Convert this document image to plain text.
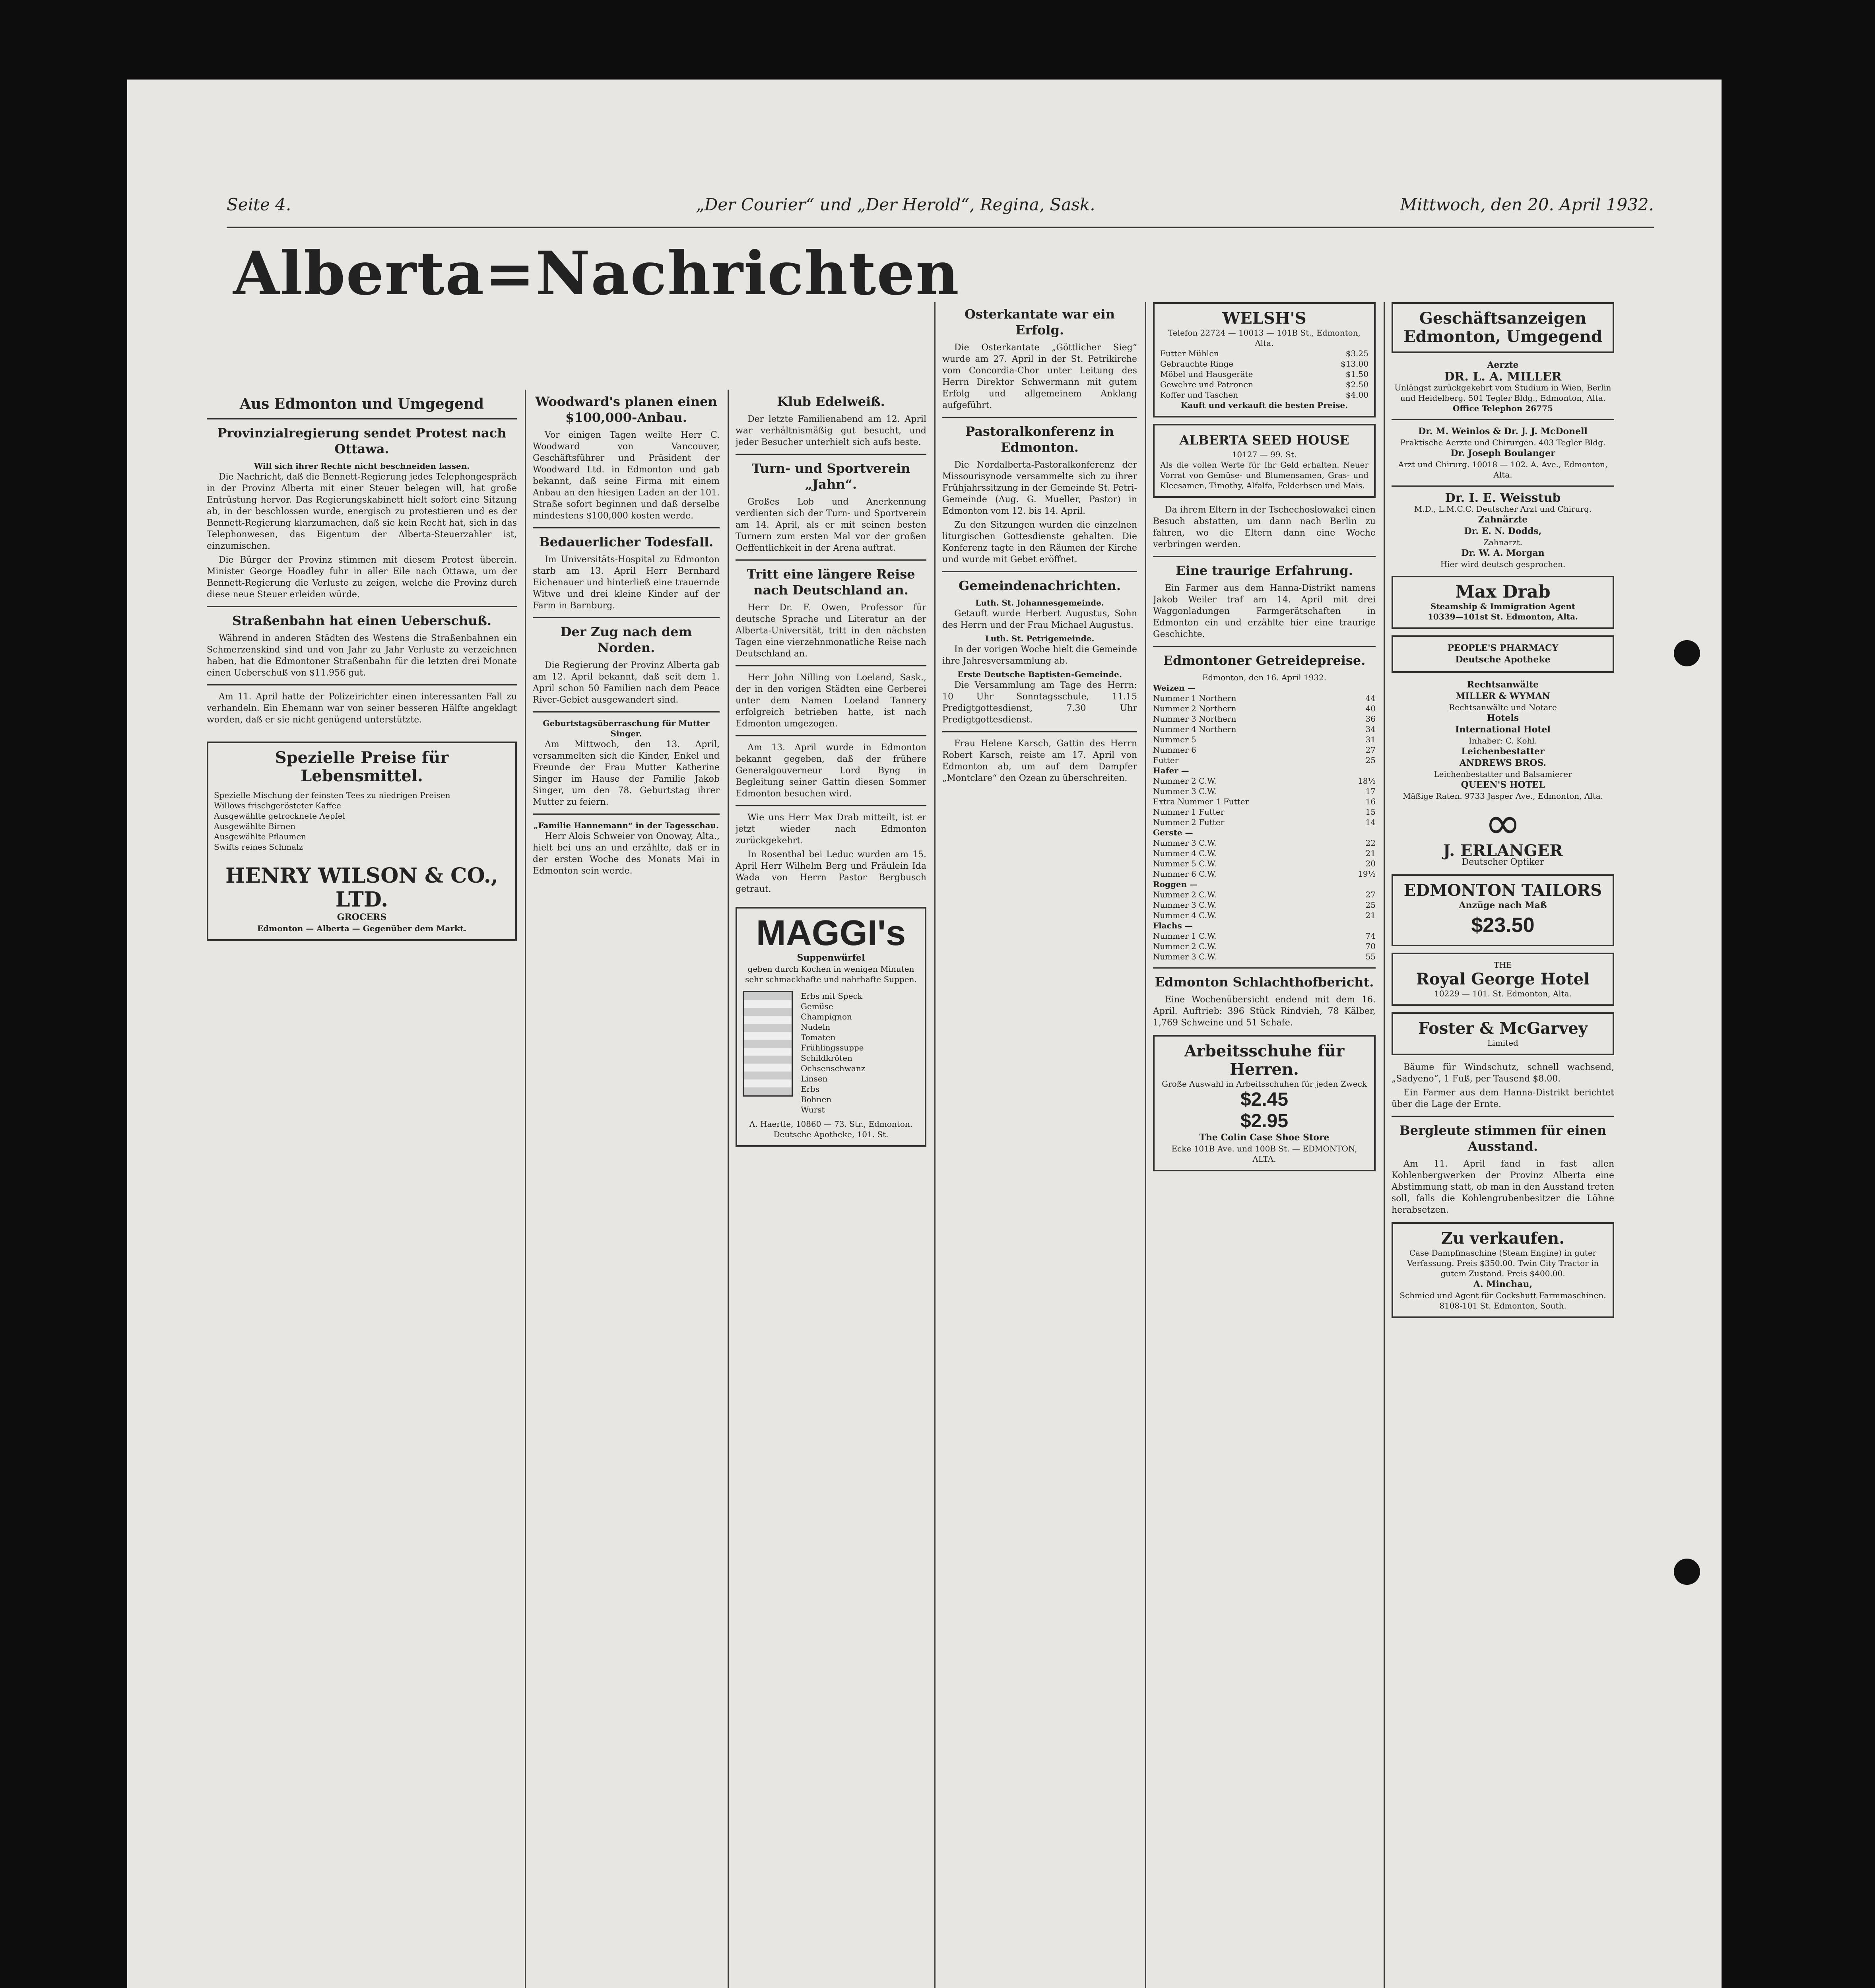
Seite 4.	„Der Courier“ und „Der Herold“, Regina, Sask.	Mittwoch, den 20. April 1932.
Alberta=Nachrichten
Aus Edmonton und Umgegend
Provinzialregierung sendet Protest nach Ottawa.
Will sich ihrer Rechte nicht beschneiden lassen.

Die Nachricht, daß die Bennett-Regierung jedes Telephongespräch in der Provinz Alberta mit einer Steuer belegen will, hat große Entrüstung hervor. Das Regierungskabinett hielt sofort eine Sitzung ab, in der beschlossen wurde, energisch zu protestieren und es der Bennett-Regierung klarzumachen, daß sie kein Recht hat, sich in das Telephonwesen, das Eigentum der Alberta-Steuerzahler ist, einzumischen.

Die Bürger der Provinz stimmen mit diesem Protest überein. Minister George Hoadley fuhr in aller Eile nach Ottawa, um der Bennett-Regierung die Verluste zu zeigen, welche die Provinz durch diese neue Steuer erleiden würde.

Straßenbahn hat einen Ueberschuß.

Während in anderen Städten des Westens die Straßenbahnen ein Schmerzenskind sind und von Jahr zu Jahr Verluste zu verzeichnen haben, hat die Edmontoner Straßenbahn für die letzten drei Monate einen Ueberschuß von $11.956 gut.

Am 11. April hatte der Polizeirichter einen interessanten Fall zu verhandeln. Ein Ehemann war von seiner besseren Hälfte angeklagt worden, daß er sie nicht genügend unterstützte.

Spezielle Preise für Lebensmittel.
Spezielle Mischung der feinsten Tees zu niedrigen Preisen
Willows frischgerösteter Kaffee
Ausgewählte getrocknete Aepfel
Ausgewählte Birnen
Ausgewählte Pflaumen
Swifts reines Schmalz
HENRY WILSON & CO., LTD.
GROCERS
Edmonton — Alberta — Gegenüber dem Markt.
Woodward's planen einen $100,000-Anbau.

Vor einigen Tagen weilte Herr C. Woodward von Vancouver, Geschäftsführer und Präsident der Woodward Ltd. in Edmonton und gab bekannt, daß seine Firma mit einem Anbau an den hiesigen Laden an der 101. Straße sofort beginnen und daß derselbe mindestens $100,000 kosten werde.

Bedauerlicher Todesfall.

Im Universitäts-Hospital zu Edmonton starb am 13. April Herr Bernhard Eichenauer und hinterließ eine trauernde Witwe und drei kleine Kinder auf der Farm in Barnburg.

Der Zug nach dem Norden.

Die Regierung der Provinz Alberta gab am 12. April bekannt, daß seit dem 1. April schon 50 Familien nach dem Peace River-Gebiet ausgewandert sind.

Geburtstagsüberraschung für Mutter Singer.

Am Mittwoch, den 13. April, versammelten sich die Kinder, Enkel und Freunde der Frau Mutter Katherine Singer im Hause der Familie Jakob Singer, um den 78. Geburtstag ihrer Mutter zu feiern.

„Familie Hannemann“ in der Tagesschau.

Herr Alois Schweier von Onoway, Alta., hielt bei uns an und erzählte, daß er in der ersten Woche des Monats Mai in Edmonton sein werde.

Klub Edelweiß.

Der letzte Familienabend am 12. April war verhältnismäßig gut besucht, und jeder Besucher unterhielt sich aufs beste.

Turn- und Sportverein „Jahn“.

Großes Lob und Anerkennung verdienten sich der Turn- und Sportverein am 14. April, als er mit seinen besten Turnern zum ersten Mal vor der großen Oeffentlichkeit in der Arena auftrat.

Tritt eine längere Reise nach Deutschland an.

Herr Dr. F. Owen, Professor für deutsche Sprache und Literatur an der Alberta-Universität, tritt in den nächsten Tagen eine vierzehnmonatliche Reise nach Deutschland an.

Herr John Nilling von Loeland, Sask., der in den vorigen Städten eine Gerberei unter dem Namen Loeland Tannery erfolgreich betrieben hatte, ist nach Edmonton umgezogen.

Am 13. April wurde in Edmonton bekannt gegeben, daß der frühere Generalgouverneur Lord Byng in Begleitung seiner Gattin diesen Sommer Edmonton besuchen wird.

Wie uns Herr Max Drab mitteilt, ist er jetzt wieder nach Edmonton zurückgekehrt.

In Rosenthal bei Leduc wurden am 15. April Herr Wilhelm Berg und Fräulein Ida Wada von Herrn Pastor Bergbusch getraut.

MAGGI's
Suppenwürfel
geben durch Kochen in wenigen Minuten sehr schmackhafte und nahrhafte Suppen.
Erbs mit Speck
Gemüse
Champignon
Nudeln
Tomaten
Frühlingssuppe
Schildkröten
Ochsenschwanz
Linsen
Erbs
Bohnen
Wurst
A. Haertle, 10860 — 73. Str., Edmonton. Deutsche Apotheke, 101. St.
Osterkantate war ein Erfolg.

Die Osterkantate „Göttlicher Sieg“ wurde am 27. April in der St. Petrikirche vom Concordia-Chor unter Leitung des Herrn Direktor Schwermann mit gutem Erfolg und allgemeinem Anklang aufgeführt.

Pastoralkonferenz in Edmonton.

Die Nordalberta-Pastoralkonferenz der Missourisynode versammelte sich zu ihrer Frühjahrssitzung in der Gemeinde St. Petri-Gemeinde (Aug. G. Mueller, Pastor) in Edmonton vom 12. bis 14. April.

Zu den Sitzungen wurden die einzelnen liturgischen Gottesdienste gehalten. Die Konferenz tagte in den Räumen der Kirche und wurde mit Gebet eröffnet.

Gemeindenachrichten.
Luth. St. Johannesgemeinde.

Getauft wurde Herbert Augustus, Sohn des Herrn und der Frau Michael Augustus.

Luth. St. Petrigemeinde.

In der vorigen Woche hielt die Gemeinde ihre Jahresversammlung ab.

Erste Deutsche Baptisten-Gemeinde.

Die Versammlung am Tage des Herrn: 10 Uhr Sonntagsschule, 11.15 Predigtgottesdienst, 7.30 Uhr Predigtgottesdienst.

Frau Helene Karsch, Gattin des Herrn Robert Karsch, reiste am 17. April von Edmonton ab, um auf dem Dampfer „Montclare“ den Ozean zu überschreiten.

WELSH'S
Telefon 22724 — 10013 — 101B St., Edmonton, Alta.
Futter Mühlen	$3.25
Gebrauchte Ringe	$13.00
Möbel und Hausgeräte	$1.50
Gewehre und Patronen	$2.50
Koffer und Taschen	$4.00
Kauft und verkauft die besten Preise.
ALBERTA SEED HOUSE
10127 — 99. St.
Als die vollen Werte für Ihr Geld erhalten. Neuer Vorrat von Gemüse- und Blumensamen, Gras- und Kleesamen, Timothy, Alfalfa, Felderbsen und Mais.

Da ihrem Eltern in der Tschechoslowakei einen Besuch abstatten, um dann nach Berlin zu fahren, wo die Eltern dann eine Woche verbringen werden.

Eine traurige Erfahrung.

Ein Farmer aus dem Hanna-Distrikt namens Jakob Weiler traf am 14. April mit drei Waggonladungen Farmgerätschaften in Edmonton ein und erzählte hier eine traurige Geschichte.

Edmontoner Getreidepreise.
Edmonton, den 16. April 1932.
Weizen —
Nummer 1 Northern	44
Nummer 2 Northern	40
Nummer 3 Northern	36
Nummer 4 Northern	34
Nummer 5	31
Nummer 6	27
Futter	25
Hafer —
Nummer 2 C.W.	18½
Nummer 3 C.W.	17
Extra Nummer 1 Futter	16
Nummer 1 Futter	15
Nummer 2 Futter	14
Gerste —
Nummer 3 C.W.	22
Nummer 4 C.W.	21
Nummer 5 C.W.	20
Nummer 6 C.W.	19½
Roggen —
Nummer 2 C.W.	27
Nummer 3 C.W.	25
Nummer 4 C.W.	21
Flachs —
Nummer 1 C.W.	74
Nummer 2 C.W.	70
Nummer 3 C.W.	55
Edmonton Schlachthofbericht.

Eine Wochenübersicht endend mit dem 16. April. Auftrieb: 396 Stück Rindvieh, 78 Kälber, 1,769 Schweine und 51 Schafe.

Arbeitsschuhe für Herren.
Große Auswahl in Arbeitsschuhen für jeden Zweck
$2.45
$2.95
The Colin Case Shoe Store
Ecke 101B Ave. und 100B St. — EDMONTON, ALTA.
Geschäftsanzeigen Edmonton, Umgegend
Aerzte
DR. L. A. MILLER
Unlängst zurückgekehrt vom Studium in Wien, Berlin und Heidelberg. 501 Tegler Bldg., Edmonton, Alta.
Office Telephon 26775
Dr. M. Weinlos & Dr. J. J. McDonell
Praktische Aerzte und Chirurgen. 403 Tegler Bldg.
Dr. Joseph Boulanger
Arzt und Chirurg. 10018 — 102. A. Ave., Edmonton, Alta.
Dr. I. E. Weisstub
M.D., L.M.C.C. Deutscher Arzt und Chirurg.
Zahnärzte
Dr. E. N. Dodds,
Zahnarzt.
Dr. W. A. Morgan
Hier wird deutsch gesprochen.
Max Drab
Steamship & Immigration Agent
10339—101st St. Edmonton, Alta.
PEOPLE'S PHARMACY
Deutsche Apotheke
Rechtsanwälte
MILLER & WYMAN
Rechtsanwälte und Notare
Hotels
International Hotel
Inhaber: C. Kohl.
Leichenbestatter
ANDREWS BROS.
Leichenbestatter und Balsamierer
QUEEN'S HOTEL
Mäßige Raten. 9733 Jasper Ave., Edmonton, Alta.
∞
J. ERLANGER
Deutscher Optiker
EDMONTON TAILORS
Anzüge nach Maß
$23.50
THE
Royal George Hotel
10229 — 101. St. Edmonton, Alta.
Foster & McGarvey
Limited

Bäume für Windschutz, schnell wachsend, „Sadyeno“, 1 Fuß, per Tausend $8.00.

Ein Farmer aus dem Hanna-Distrikt berichtet über die Lage der Ernte.

Bergleute stimmen für einen Ausstand.

Am 11. April fand in fast allen Kohlenbergwerken der Provinz Alberta eine Abstimmung statt, ob man in den Ausstand treten soll, falls die Kohlengrubenbesitzer die Löhne herabsetzen.

Zu verkaufen.
Case Dampfmaschine (Steam Engine) in guter Verfassung. Preis $350.00. Twin City Tractor in gutem Zustand. Preis $400.00.
A. Minchau,
Schmied und Agent für Cockshutt Farmmaschinen. 8108-101 St. Edmonton, South.
